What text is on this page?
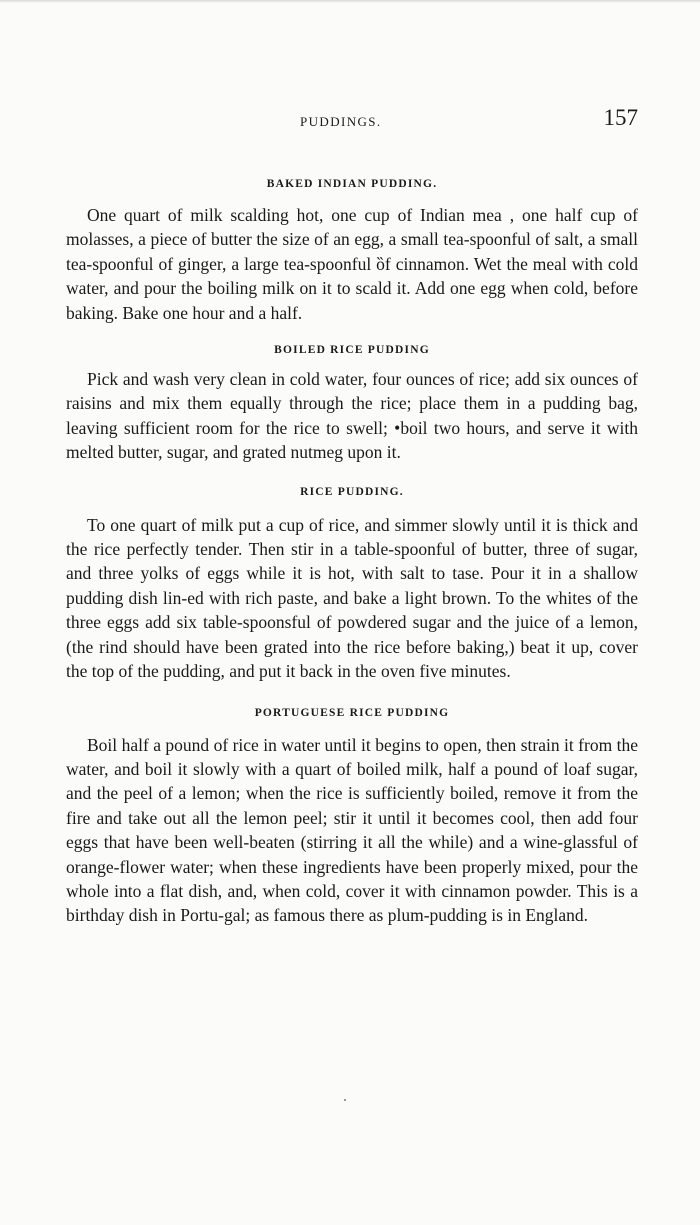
PUDDINGS.	157
BAKED INDIAN PUDDING.

One quart of milk scalding hot, one cup of Indian mea , one half cup of molasses, a piece of butter the size of an egg, a small tea-spoonful of salt, a small tea-spoonful of ginger, a large tea-spoonful ȍf cinnamon. Wet the meal with cold water, and pour the boiling milk on it to scald it. Add one egg when cold, before baking. Bake one hour and a half.

BOILED RICE PUDDING

Pick and wash very clean in cold water, four ounces of rice; add six ounces of raisins and mix them equally through the rice; place them in a pudding bag, leaving sufficient room for the rice to swell; •boil two hours, and serve it with melted butter, sugar, and grated nutmeg upon it.

RICE PUDDING.

To one quart of milk put a cup of rice, and simmer slowly until it is thick and the rice perfectly tender. Then stir in a table-spoonful of butter, three of sugar, and three yolks of eggs while it is hot, with salt to tase. Pour it in a shallow pudding dish lin-ed with rich paste, and bake a light brown. To the whites of the three eggs add six table-spoonsful of powdered sugar and the juice of a lemon, (the rind should have been grated into the rice before baking,) beat it up, cover the top of the pudding, and put it back in the oven five minutes.

PORTUGUESE RICE PUDDING

Boil half a pound of rice in water until it begins to open, then strain it from the water, and boil it slowly with a quart of boiled milk, half a pound of loaf sugar, and the peel of a lemon; when the rice is sufficiently boiled, remove it from the fire and take out all the lemon peel; stir it until it becomes cool, then add four eggs that have been well-beaten (stirring it all the while) and a wine-glassful of orange-flower water; when these ingredients have been properly mixed, pour the whole into a flat dish, and, when cold, cover it with cinnamon powder. This is a birthday dish in Portu-gal; as famous there as plum-pudding is in England.
